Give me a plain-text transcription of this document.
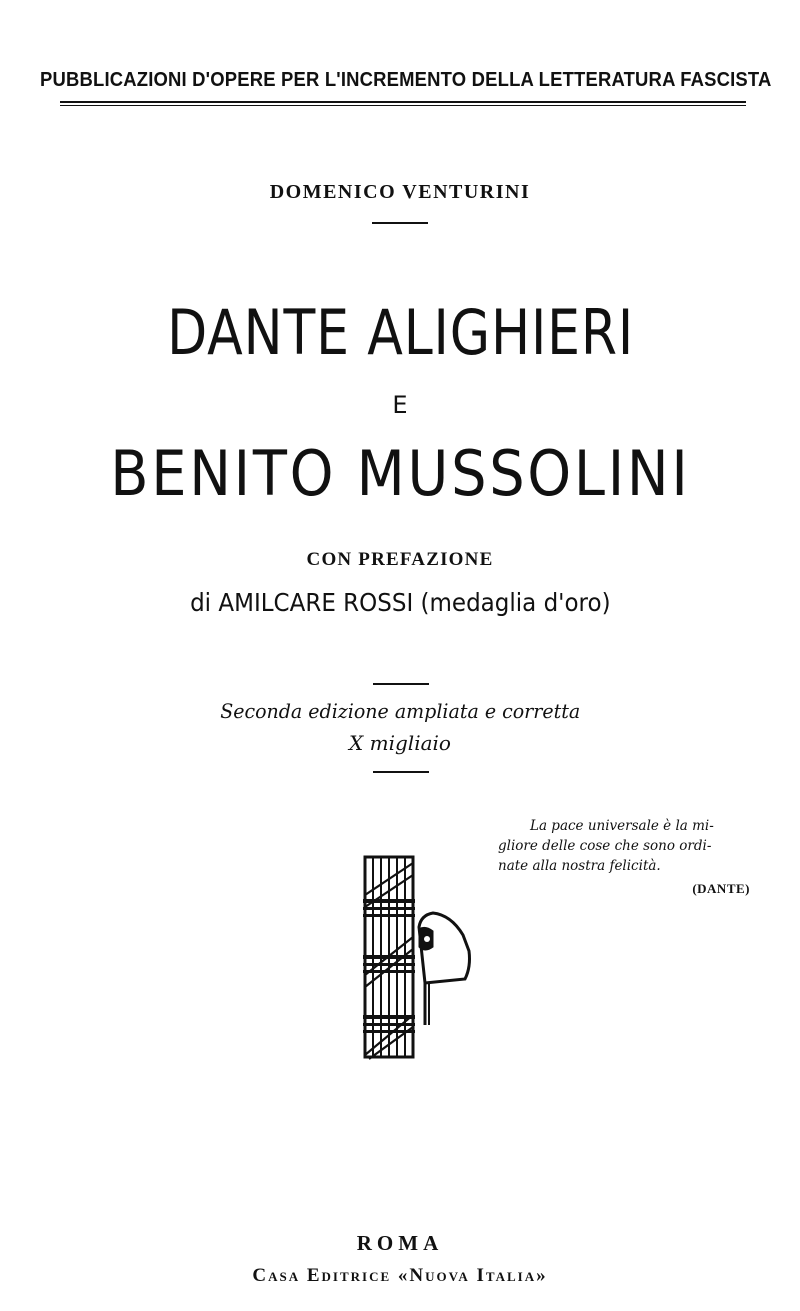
PUBBLICAZIONI D'OPERE PER L'INCREMENTO DELLA LETTERATURA FASCISTA
DOMENICO VENTURINI
DANTE ALIGHIERI
E
BENITO MUSSOLINI
CON PREFAZIONE
di AMILCARE ROSSI (medaglia d'oro)
Seconda edizione ampliata e corretta
X migliaio
La pace universale è la mi-
gliore delle cose che sono ordi-
nate alla nostra felicità.
(DANTE)
ROMA
Casa Editrice «Nuova Italia»
